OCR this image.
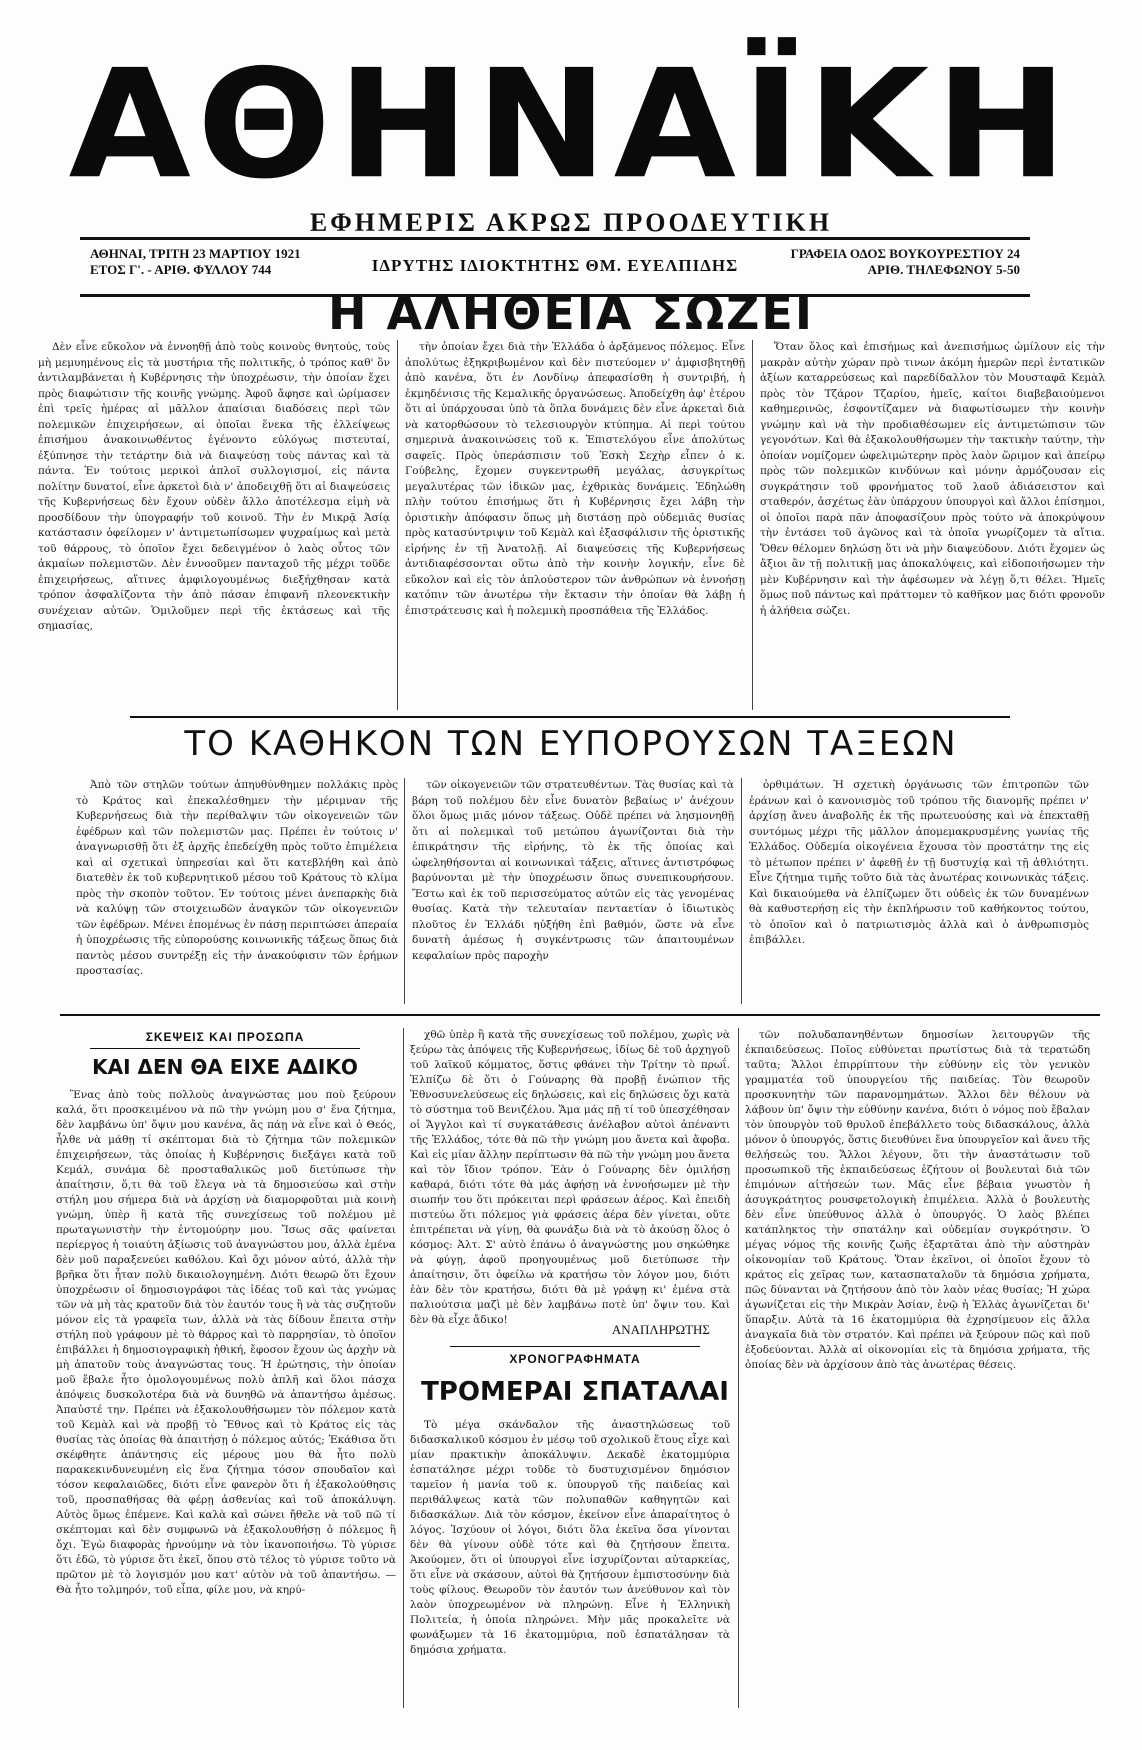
ΑΘΗΝΑΪΚΗ
ΕΦΗΜΕΡΙΣ ΑΚΡΩΣ ΠΡΟΟΔΕΥΤΙΚΗ
ΑΘΗΝΑΙ, ΤΡΙΤΗ 23 ΜΑΡΤΙΟΥ 1921
ΕΤΟΣ Γ'. - ΑΡΙΘ. ΦΥΛΛΟΥ 744	ΙΔΡΥΤΗΣ ΙΔΙΟΚΤΗΤΗΣ ΘΜ. ΕΥΕΛΠΙΔΗΣ
ΓΡΑΦΕΙΑ ΟΔΟΣ ΒΟΥΚΟΥΡΕΣΤΙΟΥ 24
ΑΡΙΘ. ΤΗΛΕΦΩΝΟΥ 5-50
Η ΑΛΗΘΕΙΑ ΣΩΖΕΙ

Δὲν εἶνε εὔκολον νὰ ἐννοηθῇ ἀπὸ τοὺς κοινοὺς θνητούς, τοὺς μὴ μεμυημένους εἰς τὰ μυστήρια τῆς πολιτικῆς, ὁ τρόπος καθ' ὃν ἀντιλαμβάνεται ἡ Κυβέρνησις τὴν ὑποχρέωσιν, τὴν ὁποίαν ἔχει πρὸς διαφώτισιν τῆς κοινῆς γνώμης. Ἀφοῦ ἄφησε καὶ ὡρίμασεν ἐπὶ τρεῖς ἡμέρας αἱ μᾶλλον ἀπαίσιαι διαδόσεις περὶ τῶν πολεμικῶν ἐπιχειρήσεων, αἱ ὁποῖαι ἕνεκα τῆς ἐλλείψεως ἐπισήμου ἀνακοινωθέντος ἐγένοντο εὐλόγως πιστευταί, ἐξύπνησε τὴν τετάρτην διὰ νὰ διαψεύσῃ τοὺς πάντας καὶ τὰ πάντα. Ἐν τούτοις μερικοὶ ἁπλοῖ συλλογισμοί, εἰς πάντα πολίτην δυνατοί, εἶνε ἀρκετοὶ διὰ ν' ἀποδειχθῇ ὅτι αἱ διαψεύσεις τῆς Κυβερνήσεως δὲν ἔχουν οὐδὲν ἄλλο ἀποτέλεσμα εἰμὴ νὰ προσδίδουν τὴν ὑπογραφήν τοῦ κοινοῦ. Τὴν ἐν Μικρᾷ Ἀσίᾳ κατάστασιν ὀφείλομεν ν' ἀντιμετωπίσωμεν ψυχραίμως καὶ μετὰ τοῦ θάρρους, τὸ ὁποῖον ἔχει δεδειγμένον ὁ λαὸς οὗτος τῶν ἀκμαίων πολεμιστῶν. Δὲν ἐννοοῦμεν πανταχοῦ τῆς μέχρι τοῦδε ἐπιχειρήσεως, αἵτινες ἀμφιλογουμένως διεξήχθησαν κατὰ τρόπον ἀσφαλίζοντα τὴν ἀπὸ πάσαν ἐπιφανῆ πλεονεκτικὴν συνέχειαν αὐτῶν. Ὁμιλοῦμεν περὶ τῆς ἐκτάσεως καὶ τῆς σημασίας,

τὴν ὁποίαν ἔχει διὰ τὴν Ἑλλάδα ὁ ἀρξάμενος πόλεμος. Εἶνε ἀπολύτως ἐξηκριβωμένον καὶ δὲν πιστεύομεν ν' ἀμφισβητηθῇ ἀπὸ κανένα, ὅτι ἐν Λονδίνῳ ἀπεφασίσθη ἡ συντριβή, ἡ ἐκμηδένισις τῆς Κεμαλικῆς ὀργανώσεως. Ἀποδείχθη ἀφ' ἑτέρου ὅτι αἱ ὑπάρχουσαι ὑπὸ τὰ ὅπλα δυνάμεις δὲν εἶνε ἀρκεταὶ διὰ νὰ κατορθώσουν τὸ τελεσιουργὸν κτύπημα. Αἱ περὶ τούτου σημερινὰ ἀνακοινώσεις τοῦ κ. Ἐπιστελόγου εἶνε ἀπολύτως σαφεῖς. Πρὸς ὑπεράσπισιν τοῦ Ἐσκὴ Σεχὴρ εἶπεν ὁ κ. Γούβελης, ἔχομεν συγκεντρωθῆ μεγάλας, ἀσυγκρίτως μεγαλυτέρας τῶν ἰδικῶν μας, ἐχθρικὰς δυνάμεις. Ἐδηλώθη πλὴν τούτου ἐπισήμως ὅτι ἡ Κυβέρνησις ἔχει λάβη τὴν ὁριστικὴν ἀπόφασιν ὅπως μὴ διστάσῃ πρὸ οὐδεμιᾶς θυσίας πρὸς κατασύντριψιν τοῦ Κεμὰλ καὶ ἐξασφάλισιν τῆς ὁριστικῆς εἰρήνης ἐν τῇ Ἀνατολῇ. Αἱ διαψεύσεις τῆς Κυβερνήσεως ἀντιδιαφέσσονται οὕτω ἀπὸ τὴν κοινὴν λογικήν, εἶνε δὲ εὔκολον καὶ εἰς τὸν ἁπλούστερον τῶν ἀνθρώπων νὰ ἐννοήσῃ κατόπιν τῶν ἀνωτέρω τὴν ἔκτασιν τὴν ὁποίαν θὰ λάβῃ ἡ ἐπιστράτευσις καὶ ἡ πολεμικὴ προσπάθεια τῆς Ἑλλάδος.

Ὅταν ὅλος καὶ ἐπισήμως καὶ ἀνεπισήμως ὡμίλουν εἰς τὴν μακρὰν αὐτὴν χώραν πρὸ τινων ἀκόμη ἡμερῶν περὶ ἐντατικῶν ἀξίων καταρρεύσεως καὶ παρεδίδαλλον τὸν Μουσταφᾶ Κεμὰλ πρὸς τὸν Τζάρον Τζαρίου, ἡμεῖς, καίτοι διαβεβαιούμενοι καθημερινῶς, ἐσφοντίζαμεν νὰ διαφωτίσωμεν τὴν κοινὴν γνώμην καὶ νὰ τὴν προδιαθέσωμεν εἰς ἀντιμετώπισιν τῶν γεγονότων. Καὶ θὰ ἐξακολουθήσωμεν τὴν τακτικὴν ταύτην, τὴν ὁποίαν νομίζομεν ὠφελιμώτερην πρὸς λαὸν ὥριμον καὶ ἀπείρῳ πρὸς τῶν πολεμικῶν κινδύνων καὶ μόνην ἁρμόζουσαν εἰς συγκράτησιν τοῦ φρονήματος τοῦ λαοῦ ἀδιάσειστον καὶ σταθερόν, ἀσχέτως ἐὰν ὑπάρχουν ὑπουργοὶ καὶ ἄλλοι ἐπίσημοι, οἱ ὁποῖοι παρὰ πᾶν ἀποφασίζουν πρὸς τούτο νὰ ἀποκρύψουν τὴν ἐντάσει τοῦ ἀγῶνος καὶ τὰ ὁποῖα γνωρίζομεν τὰ αἴτια. Ὅθεν θέλομεν δηλώσῃ ὅτι νὰ μὴν διαψεύδουν. Διότι ἔχομεν ὡς ἄξιοι ἂν τῇ πολιτικῇ μας ἀποκαλύψεις, καὶ εἰδοποιήσωμεν τὴν μὲν Κυβέρνησιν καὶ τὴν ἀφέσωμεν νὰ λέγῃ ὅ,τι θέλει. Ἡμεῖς ὅμως ποῦ πάντως καὶ πράττομεν τὸ καθῆκον μας διότι φρονοῦν ἡ ἀλήθεια σώζει.

ΤΟ ΚΑΘΗΚΟΝ ΤΩΝ ΕΥΠΟΡΟΥΣΩΝ ΤΑΞΕΩΝ

Ἀπὸ τῶν στηλῶν τούτων ἀπηυθύνθημεν πολλάκις πρὸς τὸ Κράτος καὶ ἐπεκαλέσθημεν τὴν μέριμναν τῆς Κυβερνήσεως διὰ τὴν περίθαλψιν τῶν οἰκογενειῶν τῶν ἐφέδρων καὶ τῶν πολεμιστῶν μας. Πρέπει ἐν τούτοις ν' ἀναγνωρισθῇ ὅτι ἐξ ἀρχῆς ἐπεδείχθη πρὸς τοῦτο ἐπιμέλεια καὶ αἱ σχετικαὶ ὑπηρεσίαι καὶ ὅτι κατεβλήθη καὶ ἀπὸ διατεθὲν ἐκ τοῦ κυβερνητικοῦ μέσου τοῦ Κράτους τὸ κλίμα πρὸς τὴν σκοπὸν τοῦτον. Ἐν τούτοις μένει ἀνεπαρκὴς διὰ νὰ καλύψῃ τῶν στοιχειωδῶν ἀναγκῶν τῶν οἰκογενειῶν τῶν ἐφέδρων. Μένει ἑπομένως ἐν πάσῃ περιπτώσει ἀπεραία ἡ ὑποχρέωσις τῆς εὐπορούσης κοινωνικῆς τάξεως ὅπως διὰ παντὸς μέσου συντρέξῃ εἰς τὴν ἀνακούφισιν τῶν ἐρήμων προστασίας.

τῶν οἰκογενειῶν τῶν στρατευθέντων. Τὰς θυσίας καὶ τὰ βάρη τοῦ πολέμου δὲν εἶνε δυνατὸν βεβαίως ν' ἀνέχουν ὅλοι ὅμως μιᾶς μόνον τάξεως. Οὐδὲ πρέπει νὰ λησμονηθῇ ὅτι αἱ πολεμικαὶ τοῦ μετώπου ἀγωνίζονται διὰ τὴν ἐπικράτησιν τῆς εἰρήνης, τὸ ἐκ τῆς ὁποίας καὶ ὠφεληθήσονται αἱ κοινωνικαὶ τάξεις, αἵτινες ἀντιστρόφως βαρύνονται μὲ τὴν ὑποχρέωσιν ὅπως συνεπικουρήσουν. Ἔστω καὶ ἐκ τοῦ περισσεύματος αὐτῶν εἰς τὰς γενομένας θυσίας. Κατὰ τὴν τελευταίαν πενταετίαν ὁ ἰδιωτικὸς πλοῦτος ἐν Ἑλλάδι ηὐξήθη ἐπὶ βαθμόν, ὥστε νὰ εἶνε δυνατὴ ἀμέσως ἡ συγκέντρωσις τῶν ἀπαιτουμένων κεφαλαίων πρὸς παροχὴν

ὁρθιμάτων. Ἡ σχετικὴ ὀργάνωσις τῶν ἐπιτροπῶν τῶν ἐράνων καὶ ὁ κανονισμὸς τοῦ τρόπου τῆς διανομῆς πρέπει ν' ἀρχίσῃ ἄνευ ἀναβολῆς ἐκ τῆς πρωτευούσης καὶ νὰ ἐπεκταθῇ συντόμως μέχρι τῆς μᾶλλον ἀπομεμακρυσμένης γωνίας τῆς Ἑλλάδος. Οὐδεμία οἰκογένεια ἔχουσα τὸν προστάτην της εἰς τὸ μέτωπον πρέπει ν' ἀφεθῇ ἐν τῇ δυστυχίᾳ καὶ τῇ ἀθλιότητι. Εἶνε ζήτημα τιμῆς τοῦτο διὰ τὰς ἀνωτέρας κοινωνικὰς τάξεις. Καὶ δικαιούμεθα νὰ ἐλπίζωμεν ὅτι οὐδεὶς ἐκ τῶν δυναμένων θὰ καθυστερήσῃ εἰς τὴν ἐκπλήρωσιν τοῦ καθήκοντος τούτου, τὸ ὁποῖον καὶ ὁ πατριωτισμὸς ἀλλὰ καὶ ὁ ἀνθρωπισμὸς ἐπιβάλλει.

ΣΚΕΨΕΙΣ ΚΑΙ ΠΡΟΣΩΠΑ
ΚΑΙ ΔΕΝ ΘΑ ΕΙΧΕ ΑΔΙΚΟ

Ἕνας ἀπὸ τοὺς πολλοὺς ἀναγνώστας μου ποὺ ξεύρουν καλά, ὅτι προσκειμένου νὰ πῶ τὴν γνώμη μου σ' ἕνα ζήτημα, δὲν λαμβάνω ὑπ' ὄψιν μου κανένα, ἄς πάῃ νὰ εἶνε καὶ ὁ Θεός, ἦλθε νὰ μάθῃ τί σκέπτομαι διὰ τὸ ζήτημα τῶν πολεμικῶν ἐπιχειρήσεων, τὰς ὁποίας ἡ Κυβέρνησις διεξάγει κατὰ τοῦ Κεμάλ, συνάμα δὲ προσταθαλικῶς μοῦ διετύπωσε τὴν ἀπαίτησιν, ὅ,τι θὰ τοῦ ἔλεγα νὰ τὰ δημοσιεύσω καὶ στὴν στήλη μου σήμερα διὰ νὰ ἀρχίσῃ νὰ διαμορφοῦται μιὰ κοινὴ γνώμη, ὑπὲρ ἢ κατὰ τῆς συνεχίσεως τοῦ πολέμου μὲ πρωταγωνιστὴν τὴν ἐντομούρην μου. Ἴσως σᾶς φαίνεται περίεργος ἡ τοιαύτη ἀξίωσις τοῦ ἀναγνώστου μου, ἀλλὰ ἐμένα δὲν μοῦ παραξενεύει καθόλου. Καὶ ὄχι μόνον αὐτό, ἀλλὰ τὴν βρῆκα ὅτι ἦταν πολὺ δικαιολογημένη. Διότι θεωρῶ ὅτι ἔχουν ὑποχρέωσιν οἱ δημοσιογράφοι τὰς ἰδέας τοῦ καὶ τὰς γνώμας τῶν νὰ μὴ τὰς κρατοῦν διὰ τὸν ἑαυτόν τους ἢ νὰ τὰς συζητοῦν μόνον εἰς τὰ γραφεῖα των, ἀλλὰ νὰ τὰς δίδουν ἔπειτα στὴν στήλη ποὺ γράφουν μὲ τὸ θάρρος καὶ τὸ παρρησίαν, τὸ ὁποῖον ἐπιβάλλει ἡ δημοσιογραφικὴ ἠθική, ἔφοσον ἔχουν ὡς ἀρχὴν νὰ μὴ ἀπατοῦν τοὺς ἀναγνώστας τους. Ἡ ἐρώτησις, τὴν ὁποίαν μοῦ ἔβαλε ἦτο ὁμολογουμένως πολὺ ἁπλῆ καὶ ὅλοι πάσχα ἀπόψεις δυσκολοτέρα διὰ νὰ δυνηθῶ νὰ ἀπαντήσω ἀμέσως. Ἀπαὐστέ την. Πρέπει νὰ ἐξακολουθήσωμεν τὸν πόλεμον κατὰ τοῦ Κεμὰλ καὶ νὰ προβῇ τὸ Ἔθνος καὶ τὸ Κράτος εἰς τὰς θυσίας τὰς ὁποίας θὰ ἀπαιτήσῃ ὁ πόλεμος αὐτός; Ἐκάθισα ὅτι σκέφθητε ἀπάντησις εἰς μέρους μου θὰ ἦτο πολὺ παρακεκινδυνευμένη εἰς ἕνα ζήτημα τόσον σπουδαῖον καὶ τόσον κεφαλαιῶδες, διότι εἶνε φανερὸν ὅτι ἡ ἐξακολούθησις τοῦ, προσπαθήσας θὰ φέρῃ ἀσθενίας καὶ τοῦ ἀποκάλυψη. Αὐτὸς ὅμως ἐπέμενε. Καὶ καλὰ καὶ σώνει ἤθελε νὰ τοῦ πῶ τί σκέπτομαι καὶ δὲν συμφωνῶ νὰ ἐξακολουθήσῃ ὁ πόλεμος ἢ ὄχι. Ἐγὼ διαφορὰς ἠρνούμην νὰ τὸν ἱκανοποιήσω. Τὸ γύρισε ὅτι ἐδῶ, τὸ γύρισε ὅτι ἐκεῖ, ὅπου στὸ τέλος τὸ γύρισε τοῦτο νὰ πρῶτον μὲ τὸ λογισμόν μου κατ' αὐτὸν νὰ τοῦ ἀπαντήσω. — Θὰ ἦτο τολμηρόν, τοῦ εἶπα, φίλε μου, νὰ κηρύ-

χθῶ ὑπὲρ ἢ κατὰ τῆς συνεχίσεως τοῦ πολέμου, χωρὶς νὰ ξεύρω τὰς ἀπόψεις τῆς Κυβερνήσεως, ἰδίως δὲ τοῦ ἀρχηγοῦ τοῦ λαϊκοῦ κόμματος, ὅστις φθάνει τὴν Τρίτην τὸ πρωΐ. Ἐλπίζω δὲ ὅτι ὁ Γούναρης θὰ προβῇ ἐνώπιον τῆς Ἐθνοσυνελεύσεως εἰς δηλώσεις, καὶ εἰς δηλώσεις ὄχι κατὰ τὸ σύστημα τοῦ Βενιζέλου. Ἅμα μάς πῇ τί τοῦ ὑπεσχέθησαν οἱ Ἄγγλοι καὶ τί συγκατάθεσις ἀνέλαβον αὐτοὶ ἀπέναντι τῆς Ἑλλάδος, τότε θὰ πῶ τὴν γνώμη μου ἄνετα καὶ ἄφοβα. Καὶ εἰς μίαν ἄλλην περίπτωσιν θὰ πῶ τὴν γνώμη μου ἄνετα καὶ τὸν ἴδιον τρόπον. Ἐὰν ὁ Γούναρης δὲν ὁμιλήσῃ καθαρά, διότι τότε θὰ μάς ἀφήσῃ νὰ ἐννοήσωμεν μὲ τὴν σιωπήν του ὅτι πρόκειται περὶ φράσεων ἀέρος. Καὶ ἐπειδὴ πιστεύω ὅτι πόλεμος γιὰ φράσεις ἀέρα δὲν γίνεται, οὔτε ἐπιτρέπεται νὰ γίνῃ, θὰ φωνάξω διὰ νὰ τὸ ἀκούσῃ ὅλος ὁ κόσμος: Ἀλτ. Σ' αὐτὸ ἐπάνω ὁ ἀναγνώστης μου σηκώθηκε νὰ φύγῃ, ἀφοῦ προηγουμένως μοῦ διετύπωσε τὴν ἀπαίτησιν, ὅτι ὀφείλω νὰ κρατήσω τὸν λόγον μου, διότι ἐὰν δὲν τὸν κρατήσω, διότι θὰ μὲ γράψῃ κι' ἐμένα στὰ παλιούτσια μαζὶ μὲ δὲν λαμβάνω ποτὲ ὑπ' ὄψιν του. Καὶ δὲν θὰ εἶχε ἄδικο!

ΑΝΑΠΛΗΡΩΤΗΣ
ΧΡΟΝΟΓΡΑΦΗΜΑΤΑ
ΤΡΟΜΕΡΑΙ ΣΠΑΤΑΛΑΙ

Τὸ μέγα σκάνδαλον τῆς ἀναστηλώσεως τοῦ διδασκαλικοῦ κόσμου ἐν μέσῳ τοῦ σχολικοῦ ἔτους εἶχε καὶ μίαν πρακτικὴν ἀποκάλυψιν. Δεκαδὲ ἑκατομμύρια ἐσπατάλησε μέχρι τοῦδε τὸ δυστυχισμένον δημόσιον ταμεῖον ἡ μανία τοῦ κ. ὑπουργοῦ τῆς παιδείας καὶ περιθάλψεως κατὰ τῶν πολυπαθῶν καθηγητῶν καὶ διδασκάλων. Διὰ τὸν κόσμον, ἐκείνον εἶνε ἀπαραίτητος ὁ λόγος. Ἰσχύουν οἱ λόγοι, διότι ὅλα ἐκεῖνα ὅσα γίνονται δὲν θὰ γίνουν οὐδὲ τότε καὶ θὰ ζητήσουν ἔπειτα. Ἀκούομεν, ὅτι οἱ ὑπουργοὶ εἶνε ἰσχυρίζονται αὐταρκείας, ὅτι εἶνε νὰ σκάσουν, αὐτοὶ θὰ ζητήσουν ἐμπιστοσύνην διὰ τοὺς φίλους. Θεωροῦν τὸν ἑαυτόν των ἀνεύθυνον καὶ τὸν λαὸν ὑποχρεωμένον νὰ πληρώνῃ. Εἶνε ἡ Ἑλληνικὴ Πολιτεία, ἡ ὁποία πληρώνει. Μὴν μᾶς προκαλεῖτε νὰ φωνάξωμεν τὰ 16 ἑκατομμύρια, ποῦ ἐσπατάλησαν τὰ δημόσια χρήματα.

τῶν πολυδαπανηθέντων δημοσίων λειτουργῶν τῆς ἐκπαιδεύσεως. Ποῖος εὐθύνεται πρωτίστως διὰ τὰ τερατώδη ταῦτα; Ἄλλοι ἐπιρρίπτουν τὴν εὐθύνην εἰς τὸν γενικὸν γραμματέα τοῦ ὑπουργείου τῆς παιδείας. Τὸν θεωροῦν προσκυνητὴν τῶν παρανομημάτων. Ἄλλοι δὲν θέλουν νὰ λάβουν ὑπ' ὄψιν τὴν εὐθύνην κανένα, διότι ὁ νόμος ποὺ ἔβαλαν τὸν ὑπουργὸν τοῦ θρυλοῦ ἐπεβάλλετο τοὺς διδασκάλους, ἀλλὰ μόνον ὁ ὑπουργός, ὅστις διευθύνει ἕνα ὑπουργεῖον καὶ ἄνευ τῆς θελήσεώς του. Ἄλλοι λέγουν, ὅτι τὴν ἀναστάτωσιν τοῦ προσωπικοῦ τῆς ἐκπαιδεύσεως ἐζήτουν οἱ βουλευταὶ διὰ τῶν ἐπιμόνων αἰτήσεών των. Μᾶς εἶνε βέβαια γνωστὸν ἡ ἀσυγκράτητος ρουσφετολογικὴ ἐπιμέλεια. Ἀλλὰ ὁ βουλευτὴς δὲν εἶνε ὑπεύθυνος ἀλλὰ ὁ ὑπουργός. Ὁ λαὸς βλέπει κατάπληκτος τὴν σπατάλην καὶ οὐδεμίαν συγκρότησιν. Ὁ μέγας νόμος τῆς κοινῆς ζωῆς ἐξαρτᾶται ἀπὸ τὴν αὐστηρὰν οἰκονομίαν τοῦ Κράτους. Ὅταν ἐκεῖνοι, οἱ ὁποῖοι ἔχουν τὸ κράτος εἰς χεῖρας των, κατασπαταλοῦν τὰ δημόσια χρήματα, πῶς δύνανται νὰ ζητήσουν ἀπὸ τὸν λαὸν νέας θυσίας; Ἡ χώρα ἀγωνίζεται εἰς τὴν Μικρὰν Ἀσίαν, ἐνῷ ἡ Ἑλλὰς ἀγωνίζεται δι' ὕπαρξιν. Αὐτὰ τὰ 16 ἑκατομμύρια θὰ ἐχρησίμευον εἰς ἄλλα ἀναγκαῖα διὰ τὸν στρατόν. Καὶ πρέπει νὰ ξεύρουν πῶς καὶ ποῦ ἐξοδεύονται. Ἀλλὰ αἱ οἰκονομίαι εἰς τὰ δημόσια χρήματα, τῆς ὁποίας δὲν νὰ ἀρχίσουν ἀπὸ τὰς ἀνωτέρας θέσεις.
